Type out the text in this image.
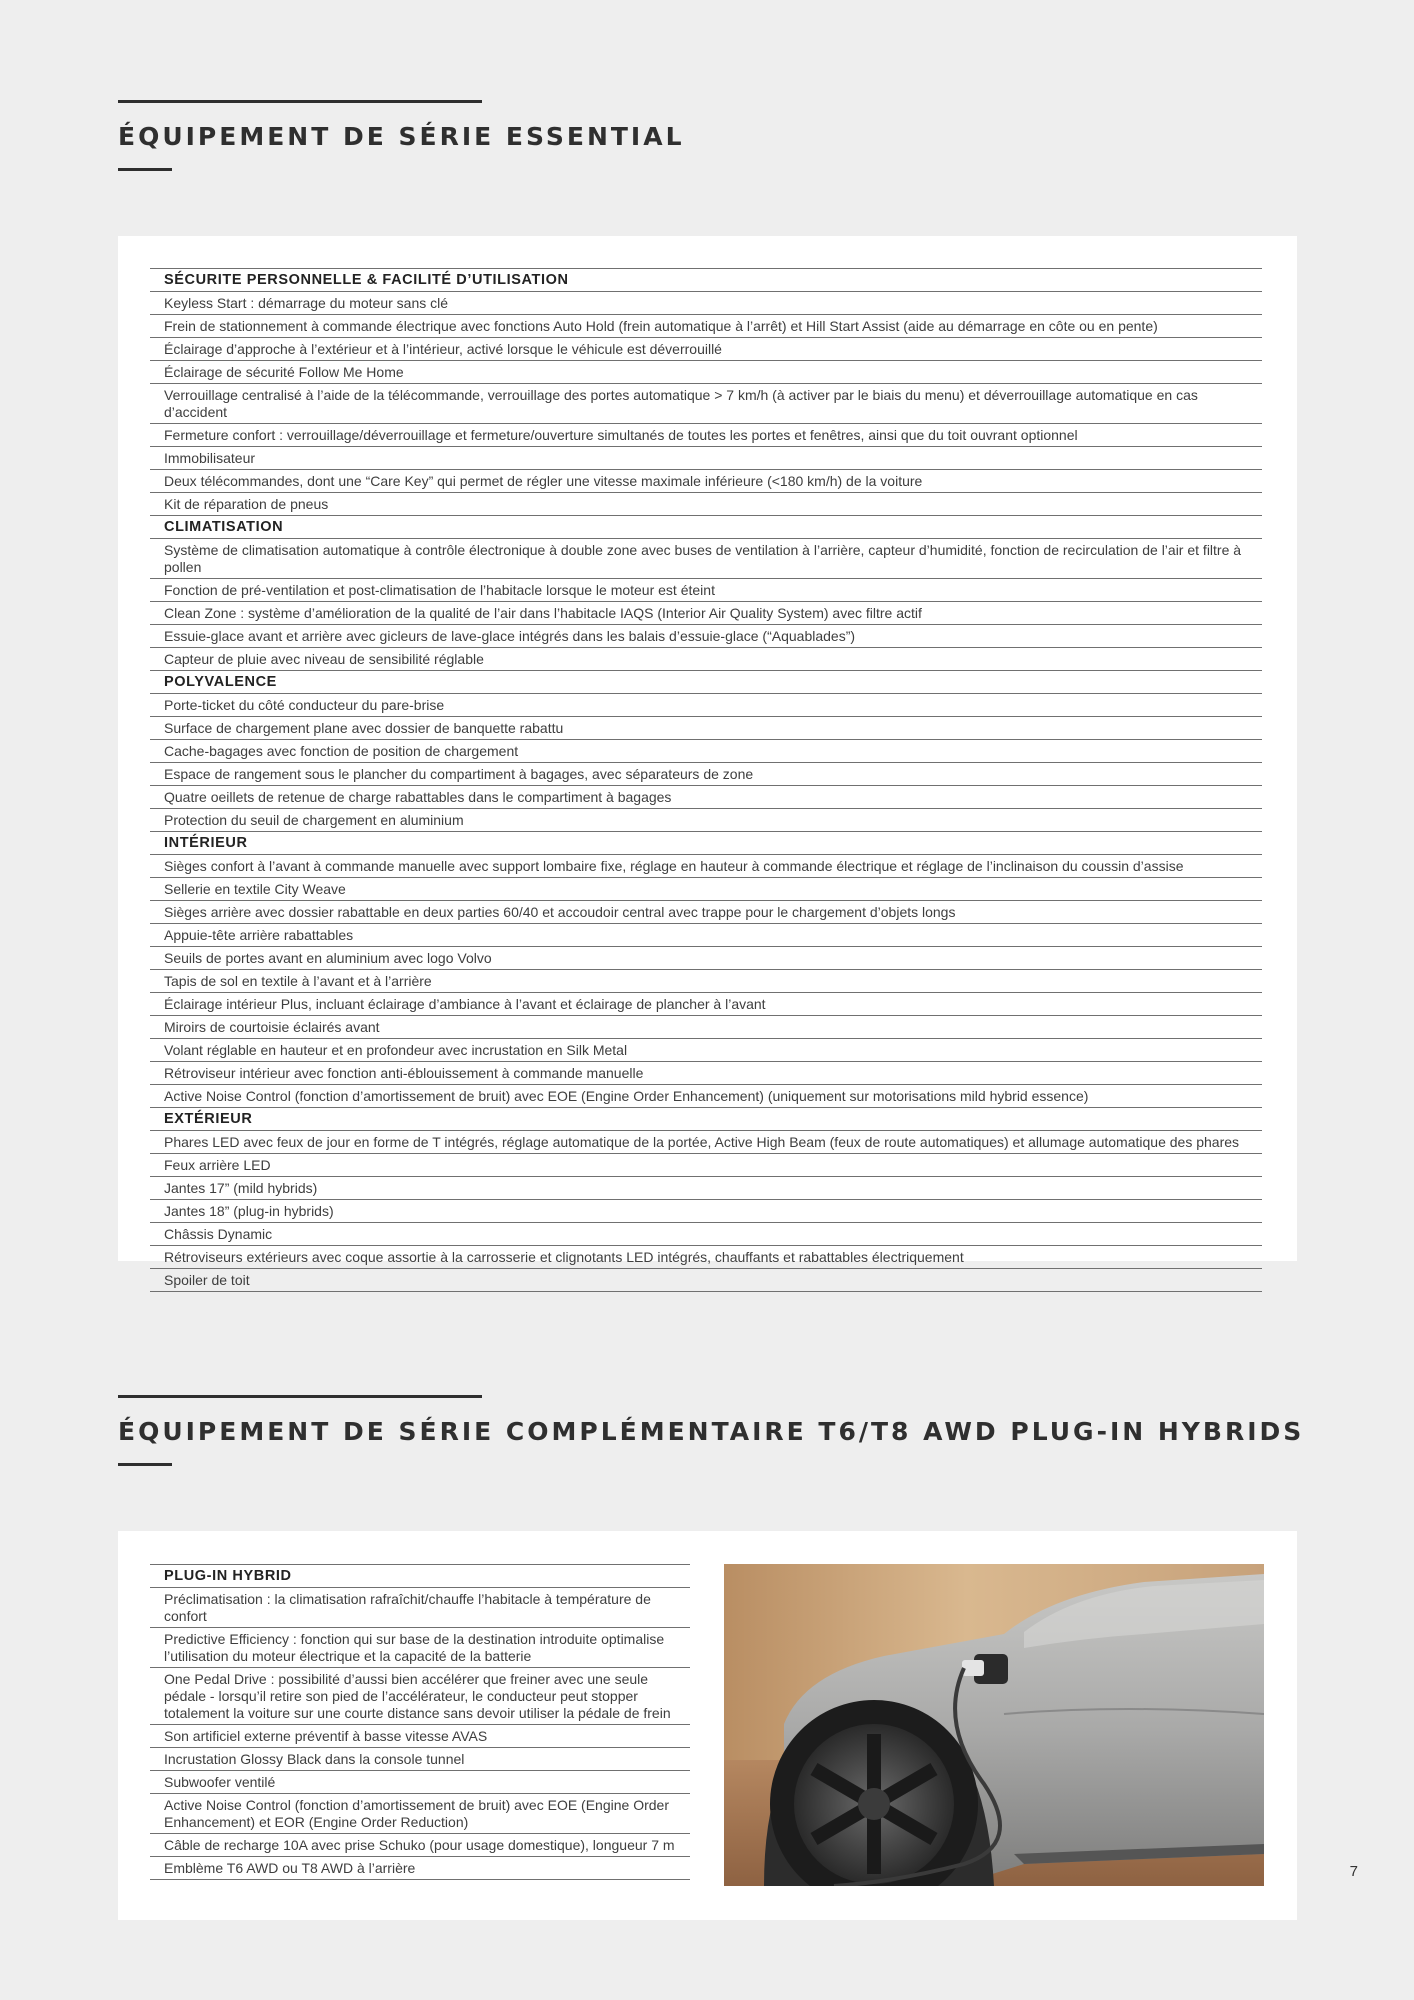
ÉQUIPEMENT DE SÉRIE ESSENTIAL
SÉCURITE PERSONNELLE & FACILITÉ D’UTILISATION
Keyless Start : démarrage du moteur sans clé
Frein de stationnement à commande électrique avec fonctions Auto Hold (frein automatique à l’arrêt) et Hill Start Assist (aide au démarrage en côte ou en pente)
Éclairage d’approche à l’extérieur et à l’intérieur, activé lorsque le véhicule est déverrouillé
Éclairage de sécurité Follow Me Home
Verrouillage centralisé à l’aide de la télécommande, verrouillage des portes automatique > 7 km/h (à activer par le biais du menu) et déverrouillage automatique en cas d’accident
Fermeture confort : verrouillage/déverrouillage et fermeture/ouverture simultanés de toutes les portes et fenêtres, ainsi que du toit ouvrant optionnel
Immobilisateur
Deux télécommandes, dont une “Care Key” qui permet de régler une vitesse maximale inférieure (<180 km/h) de la voiture
Kit de réparation de pneus
CLIMATISATION
Système de climatisation automatique à contrôle électronique à double zone avec buses de ventilation à l’arrière, capteur d’humidité, fonction de recirculation de l’air et filtre à pollen
Fonction de pré-ventilation et post-climatisation de l’habitacle lorsque le moteur est éteint
Clean Zone : système d’amélioration de la qualité de l’air dans l’habitacle IAQS (Interior Air Quality System) avec filtre actif
Essuie-glace avant et arrière avec gicleurs de lave-glace intégrés dans les balais d’essuie-glace (“Aquablades”)
Capteur de pluie avec niveau de sensibilité réglable
POLYVALENCE
Porte-ticket du côté conducteur du pare-brise
Surface de chargement plane avec dossier de banquette rabattu
Cache-bagages avec fonction de position de chargement
Espace de rangement sous le plancher du compartiment à bagages, avec séparateurs de zone
Quatre oeillets de retenue de charge rabattables dans le compartiment à bagages
Protection du seuil de chargement en aluminium
INTÉRIEUR
Sièges confort à l’avant à commande manuelle avec support lombaire fixe, réglage en hauteur à commande électrique et réglage de l’inclinaison du coussin d’assise
Sellerie en textile City Weave
Sièges arrière avec dossier rabattable en deux parties 60/40 et accoudoir central avec trappe pour le chargement d’objets longs
Appuie-tête arrière rabattables
Seuils de portes avant en aluminium avec logo Volvo
Tapis de sol en textile à l’avant et à l’arrière
Éclairage intérieur Plus, incluant éclairage d’ambiance à l’avant et éclairage de plancher à l’avant
Miroirs de courtoisie éclairés avant
Volant réglable en hauteur et en profondeur avec incrustation en Silk Metal
Rétroviseur intérieur avec fonction anti-éblouissement à commande manuelle
Active Noise Control (fonction d’amortissement de bruit) avec EOE (Engine Order Enhancement) (uniquement sur motorisations mild hybrid essence)
EXTÉRIEUR
Phares LED avec feux de jour en forme de T intégrés, réglage automatique de la portée, Active High Beam (feux de route automatiques) et allumage automatique des phares
Feux arrière LED
Jantes 17” (mild hybrids)
Jantes 18” (plug-in hybrids)
Châssis Dynamic
Rétroviseurs extérieurs avec coque assortie à la carrosserie et clignotants LED intégrés, chauffants et rabattables électriquement
Spoiler de toit
ÉQUIPEMENT DE SÉRIE COMPLÉMENTAIRE T6/T8 AWD PLUG-IN HYBRIDS
PLUG-IN HYBRID
Préclimatisation : la climatisation rafraîchit/chauffe l’habitacle à température de confort
Predictive Efficiency : fonction qui sur base de la destination introduite optimalise l’utilisation du moteur électrique et la capacité de la batterie
One Pedal Drive : possibilité d’aussi bien accélérer que freiner avec une seule pédale - lorsqu’il retire son pied de l’accélérateur, le conducteur peut stopper totalement la voiture sur une courte distance sans devoir utiliser la pédale de frein
Son artificiel externe préventif à basse vitesse AVAS
Incrustation Glossy Black dans la console tunnel
Subwoofer ventilé
Active Noise Control (fonction d’amortissement de bruit) avec EOE (Engine Order Enhancement) et EOR (Engine Order Reduction)
Câble de recharge 10A avec prise Schuko (pour usage domestique), longueur 7 m
Emblème T6 AWD ou T8 AWD à l’arrière	7
